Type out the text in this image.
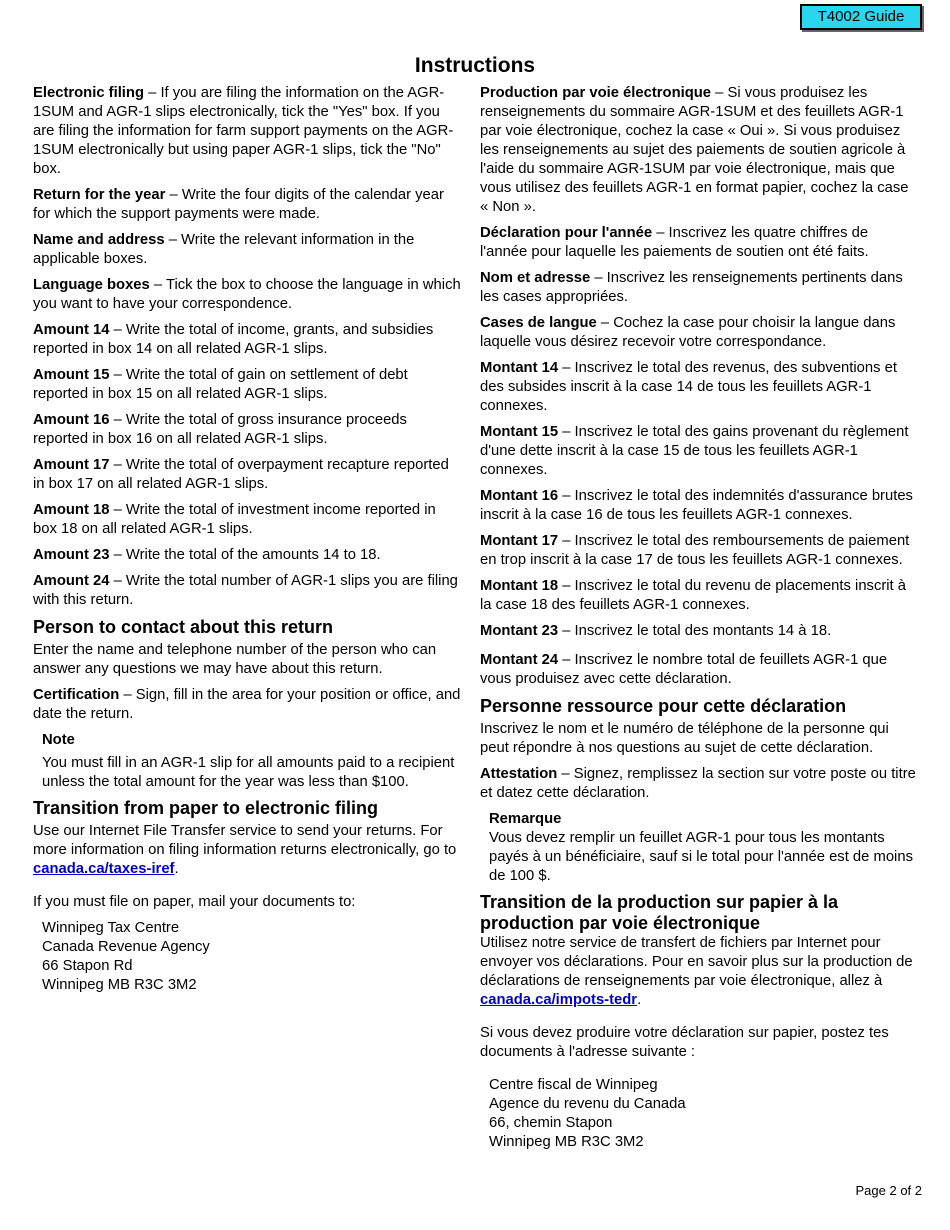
T4002 Guide
Instructions

Electronic filing – If you are filing the information on the AGR-1SUM and AGR-1 slips electronically, tick the "Yes" box. If you are filing the information for farm support payments on the AGR-1SUM electronically but using paper AGR-1 slips, tick the "No" box.

Return for the year – Write the four digits of the calendar year for which the support payments were made.

Name and address – Write the relevant information in the applicable boxes.

Language boxes – Tick the box to choose the language in which you want to have your correspondence.

Amount 14 – Write the total of income, grants, and subsidies reported in box 14 on all related AGR-1 slips.

Amount 15 – Write the total of gain on settlement of debt reported in box 15 on all related AGR-1 slips.

Amount 16 – Write the total of gross insurance proceeds reported in box 16 on all related AGR-1 slips.

Amount 17 – Write the total of overpayment recapture reported in box 17 on all related AGR-1 slips.

Amount 18 – Write the total of investment income reported in box 18 on all related AGR-1 slips.

Amount 23 – Write the total of the amounts 14 to 18.

Amount 24 – Write the total number of AGR-1 slips you are filing with this return.

Person to contact about this return

Enter the name and telephone number of the person who can answer any questions we may have about this return.

Certification – Sign, fill in the area for your position or office, and date the return.

Note

You must fill in an AGR-1 slip for all amounts paid to a recipient unless the total amount for the year was less than $100.

Transition from paper to electronic filing

Use our Internet File Transfer service to send your returns. For more information on filing information returns electronically, go to canada.ca/taxes-iref.

If you must file on paper, mail your documents to:

Winnipeg Tax Centre
Canada Revenue Agency
66 Stapon Rd
Winnipeg MB R3C 3M2

Production par voie électronique – Si vous produisez les renseignements du sommaire AGR-1SUM et des feuillets AGR-1 par voie électronique, cochez la case « Oui ». Si vous produisez les renseignements au sujet des paiements de soutien agricole à l'aide du sommaire AGR-1SUM par voie électronique, mais que vous utilisez des feuillets AGR-1 en format papier, cochez la case « Non ».

Déclaration pour l'année – Inscrivez les quatre chiffres de l'année pour laquelle les paiements de soutien ont été faits.

Nom et adresse – Inscrivez les renseignements pertinents dans les cases appropriées.

Cases de langue – Cochez la case pour choisir la langue dans laquelle vous désirez recevoir votre correspondance.

Montant 14 – Inscrivez le total des revenus, des subventions et des subsides inscrit à la case 14 de tous les feuillets AGR-1 connexes.

Montant 15 – Inscrivez le total des gains provenant du règlement d'une dette inscrit à la case 15 de tous les feuillets AGR-1 connexes.

Montant 16 – Inscrivez le total des indemnités d'assurance brutes inscrit à la case 16 de tous les feuillets AGR-1 connexes.

Montant 17 – Inscrivez le total des remboursements de paiement en trop inscrit à la case 17 de tous les feuillets AGR-1 connexes.

Montant 18 – Inscrivez le total du revenu de placements inscrit à la case 18 des feuillets AGR-1 connexes.

Montant 23 – Inscrivez le total des montants 14 à 18.

Montant 24 – Inscrivez le nombre total de feuillets AGR-1 que vous produisez avec cette déclaration.

Personne ressource pour cette déclaration

Inscrivez le nom et le numéro de téléphone de la personne qui peut répondre à nos questions au sujet de cette déclaration.

Attestation – Signez, remplissez la section sur votre poste ou titre et datez cette déclaration.

Remarque

Vous devez remplir un feuillet AGR-1 pour tous les montants payés à un bénéficiaire, sauf si le total pour l'année est de moins de 100 $.

Transition de la production sur papier à la production par voie électronique

Utilisez notre service de transfert de fichiers par Internet pour envoyer vos déclarations. Pour en savoir plus sur la production de déclarations de renseignements par voie électronique, allez à canada.ca/impots-tedr.

Si vous devez produire votre déclaration sur papier, postez tes documents à l'adresse suivante :

Centre fiscal de Winnipeg
Agence du revenu du Canada
66, chemin Stapon
Winnipeg MB R3C 3M2
Page 2 of 2
